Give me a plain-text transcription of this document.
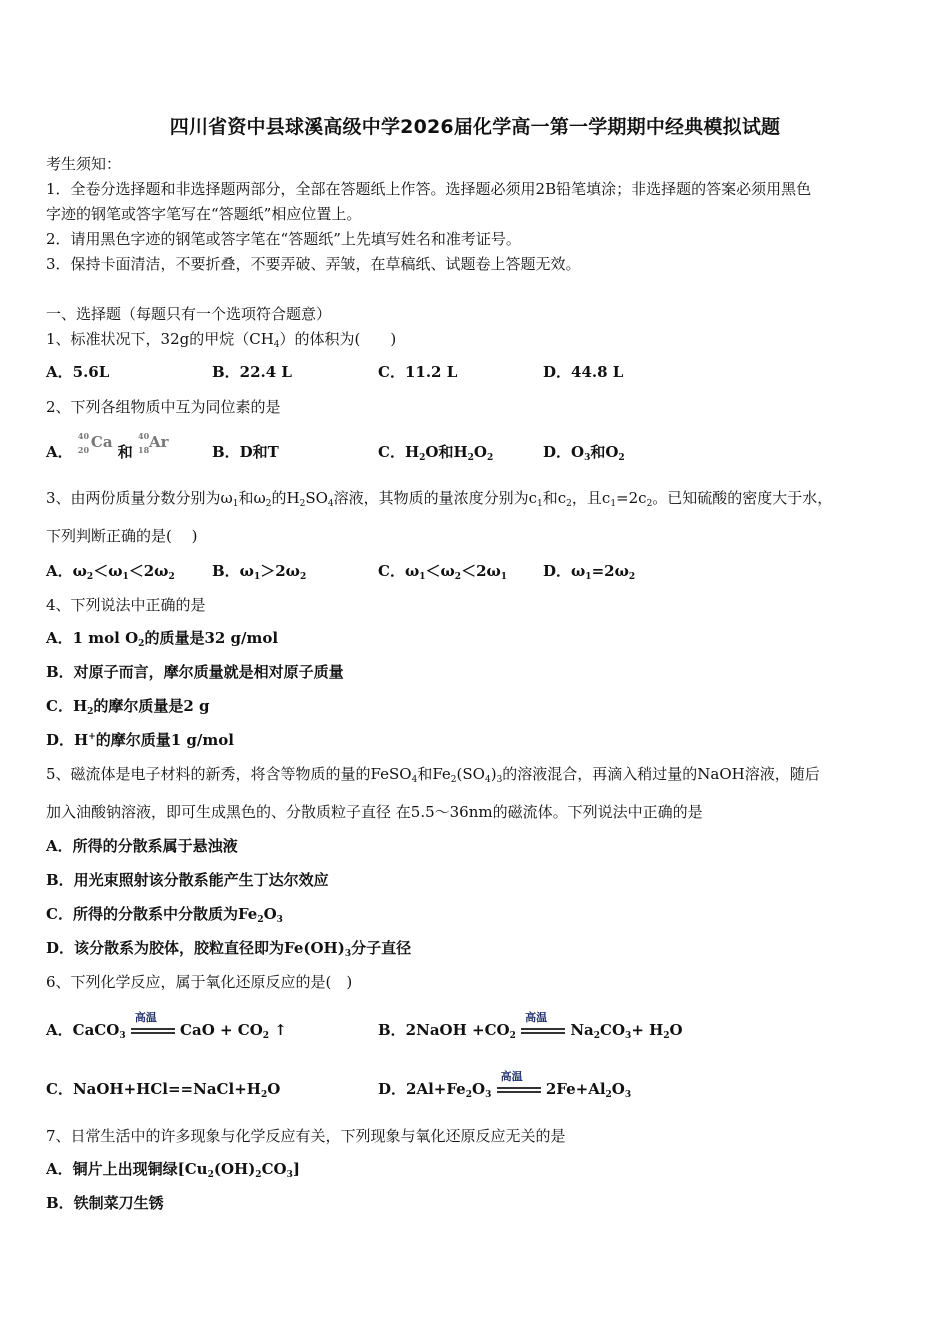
四川省资中县球溪高级中学2026届化学高一第一学期期中经典模拟试题
考生须知：
1．全卷分选择题和非选择题两部分，全部在答题纸上作答。选择题必须用2B铅笔填涂；非选择题的答案必须用黑色
字迹的钢笔或答字笔写在“答题纸”相应位置上。
2．请用黑色字迹的钢笔或答字笔在“答题纸”上先填写姓名和准考证号。
3．保持卡面清洁，不要折叠，不要弄破、弄皱，在草稿纸、试题卷上答题无效。
一、选择题（每题只有一个选项符合题意）
1、标准状况下，32g的甲烷$(CH_4)$的体积为(　　)
A．5.6L	B．22.4 L	C．11.2 L	D．44.8 L
2、下列各组物质中互为同位素的是
A．
40
20 Ca 和
40
18 Ar
B．D和T	C．$H_2O$和$H_2O_2$	D．$O_3$和$O_2$
3、由两份质量分数分别为$\omega_1$和$\omega_2$的$H_2SO_4$溶液，其物质的量浓度分别为$c_1$和$c_2$，且$c_1=2c_2$。已知硫酸的密度大于水，
下列判断正确的是(　 )
A．$\omega_2<\omega_1<2\omega_2$ B．$\omega_1>2\omega_2$	C．$\omega_1<\omega_2<2\omega_1$ D．$\omega_1=2\omega_2$
4、下列说法中正确的是
A．1 mol $O_2$的质量是32 g/mol
B．对原子而言，摩尔质量就是相对原子质量
C．$H_2$的摩尔质量是2 g
D．H+的摩尔质量1 g/mol
5、磁流体是电子材料的新秀，将含等物质的量的FeSO$_4$和$Fe_2(SO_4)_3$的溶液混合，再滴入稍过量的NaOH溶液，随后
加入油酸钠溶液，即可生成黑色的、分散质粒子直径 在5.5～36nm的磁流体。下列说法中正确的是
A．所得的分散系属于悬浊液
B．用光束照射该分散系能产生丁达尔效应
C．所得的分散系中分散质为$Fe_2O_3$
D．该分散系为胶体，胶粒直径即为$Fe(OH)_3$分子直径
6、下列化学反应，属于氧化还原反应的是(　)
A．CaCO$_3$
高温
CaO + $CO_2$ ↑	B．2NaOH $+CO_2$
高温
$Na_2CO_3+ H_2O$
C．$NaOH+HCl==NaCl+H_2O$	D．$2Al+Fe_2O_3$
高温
$2Fe+Al_2O_3$
7、日常生活中的许多现象与化学反应有关，下列现象与氧化还原反应无关的是
A．铜片上出现铜绿$[Cu_2(OH)_2CO_3]$
B．铁制菜刀生锈
